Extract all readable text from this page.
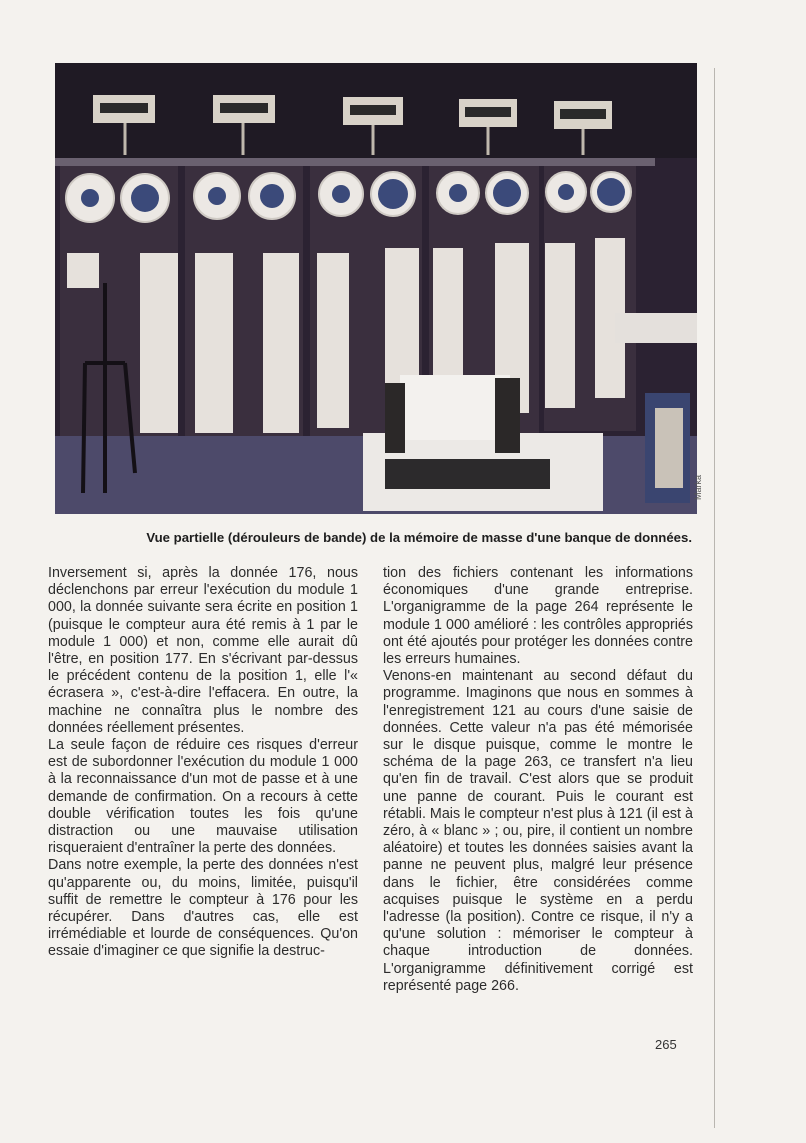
Marka
Vue partielle (dérouleurs de bande) de la mémoire de masse d'une banque de données.

Inversement si, après la donnée 176, nous déclenchons par erreur l'exécution du module 1 000, la donnée suivante sera écrite en position 1 (puisque le compteur aura été remis à 1 par le module 1 000) et non, comme elle aurait dû l'être, en position 177. En s'écrivant par-dessus le précédent contenu de la position 1, elle l'« écrasera », c'est-à-dire l'effacera. En outre, la machine ne connaîtra plus le nombre des données réellement présentes.

La seule façon de réduire ces risques d'erreur est de subordonner l'exécution du module 1 000 à la reconnaissance d'un mot de passe et à une demande de confirmation. On a recours à cette double vérification toutes les fois qu'une distraction ou une mauvaise utilisation risqueraient d'entraîner la perte des données.

Dans notre exemple, la perte des données n'est qu'apparente ou, du moins, limitée, puisqu'il suffit de remettre le compteur à 176 pour les récupérer. Dans d'autres cas, elle est irrémédiable et lourde de conséquences. Qu'on essaie d'imaginer ce que signifie la destruc-

tion des fichiers contenant les informations économiques d'une grande entreprise. L'organigramme de la page 264 représente le module 1 000 amélioré : les contrôles appropriés ont été ajoutés pour protéger les données contre les erreurs humaines.

Venons-en maintenant au second défaut du programme. Imaginons que nous en sommes à l'enregistrement 121 au cours d'une saisie de données. Cette valeur n'a pas été mémorisée sur le disque puisque, comme le montre le schéma de la page 263, ce transfert n'a lieu qu'en fin de travail. C'est alors que se produit une panne de courant. Puis le courant est rétabli. Mais le compteur n'est plus à 121 (il est à zéro, à « blanc » ; ou, pire, il contient un nombre aléatoire) et toutes les données saisies avant la panne ne peuvent plus, malgré leur présence dans le fichier, être considérées comme acquises puisque le système en a perdu l'adresse (la position). Contre ce risque, il n'y a qu'une solution : mémoriser le compteur à chaque introduction de données. L'organigramme définitivement corrigé est représenté page 266.

265
